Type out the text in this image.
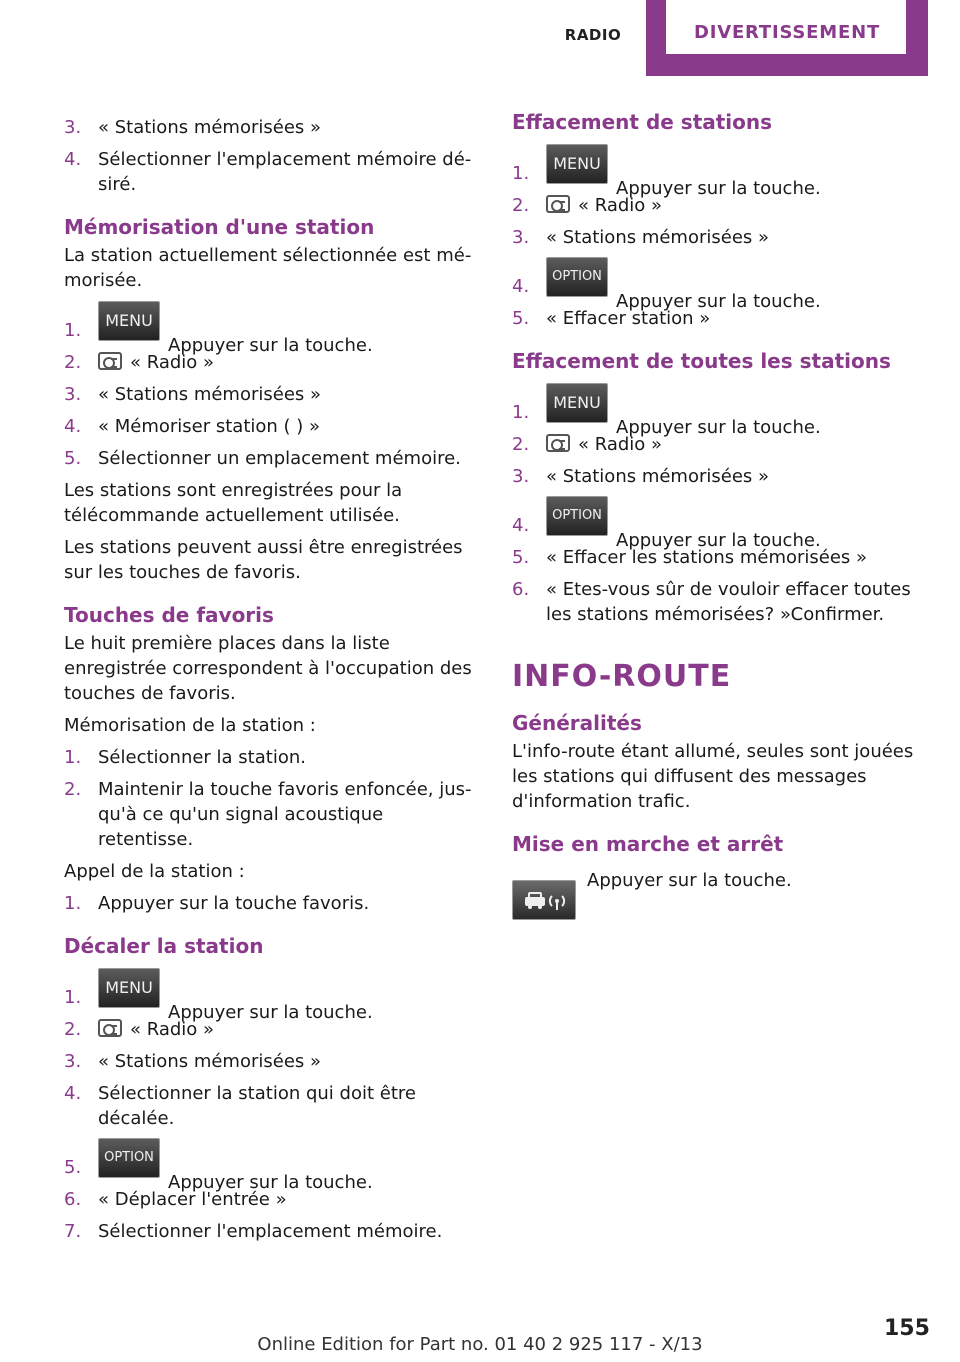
RADIO	DIVERTISSEMENT
3. « Stations mémorisées »
4. Sélectionner l'emplacement mémoire désiré.
Mémorisation d'une station
La station actuellement sélectionnée est mémorisée.
1. MENUAppuyer sur la touche.
2.	« Radio »
3. « Stations mémorisées »
4. « Mémoriser station ( ) »
5. Sélectionner un emplacement mémoire.
Les stations sont enregistrées pour la télécommande actuellement utilisée.
Les stations peuvent aussi être enregistrées sur les touches de favoris.
Touches de favoris
Le huit première places dans la liste enregistrée correspondent à l'occupation des touches de favoris.
Mémorisation de la station :
1. Sélectionner la station.
2. Maintenir la touche favoris enfoncée, jusqu'à ce qu'un signal acoustique retentisse.
Appel de la station :
1. Appuyer sur la touche favoris.
Décaler la station
1. MENUAppuyer sur la touche.
2.	« Radio »
3. « Stations mémorisées »
4. Sélectionner la station qui doit être décalée.
5. OPTIONAppuyer sur la touche.
6. « Déplacer l'entrée »
7. Sélectionner l'emplacement mémoire.
Effacement de stations
1. MENUAppuyer sur la touche.
2.	« Radio »
3. « Stations mémorisées »
4. OPTIONAppuyer sur la touche.
5. « Effacer station »
Effacement de toutes les stations
1. MENUAppuyer sur la touche.
2.	« Radio »
3. « Stations mémorisées »
4. OPTIONAppuyer sur la touche.
5. « Effacer les stations mémorisées »
6. « Etes-vous sûr de vouloir effacer toutes les stations mémorisées? »Confirmer.
INFO-ROUTE
Généralités
L'info-route étant allumé, seules sont jouées les stations qui diffusent des messages d'information trafic.
Mise en marche et arrêt
Appuyer sur la touche.
155
Online Edition for Part no. 01 40 2 925 117 - X/13
